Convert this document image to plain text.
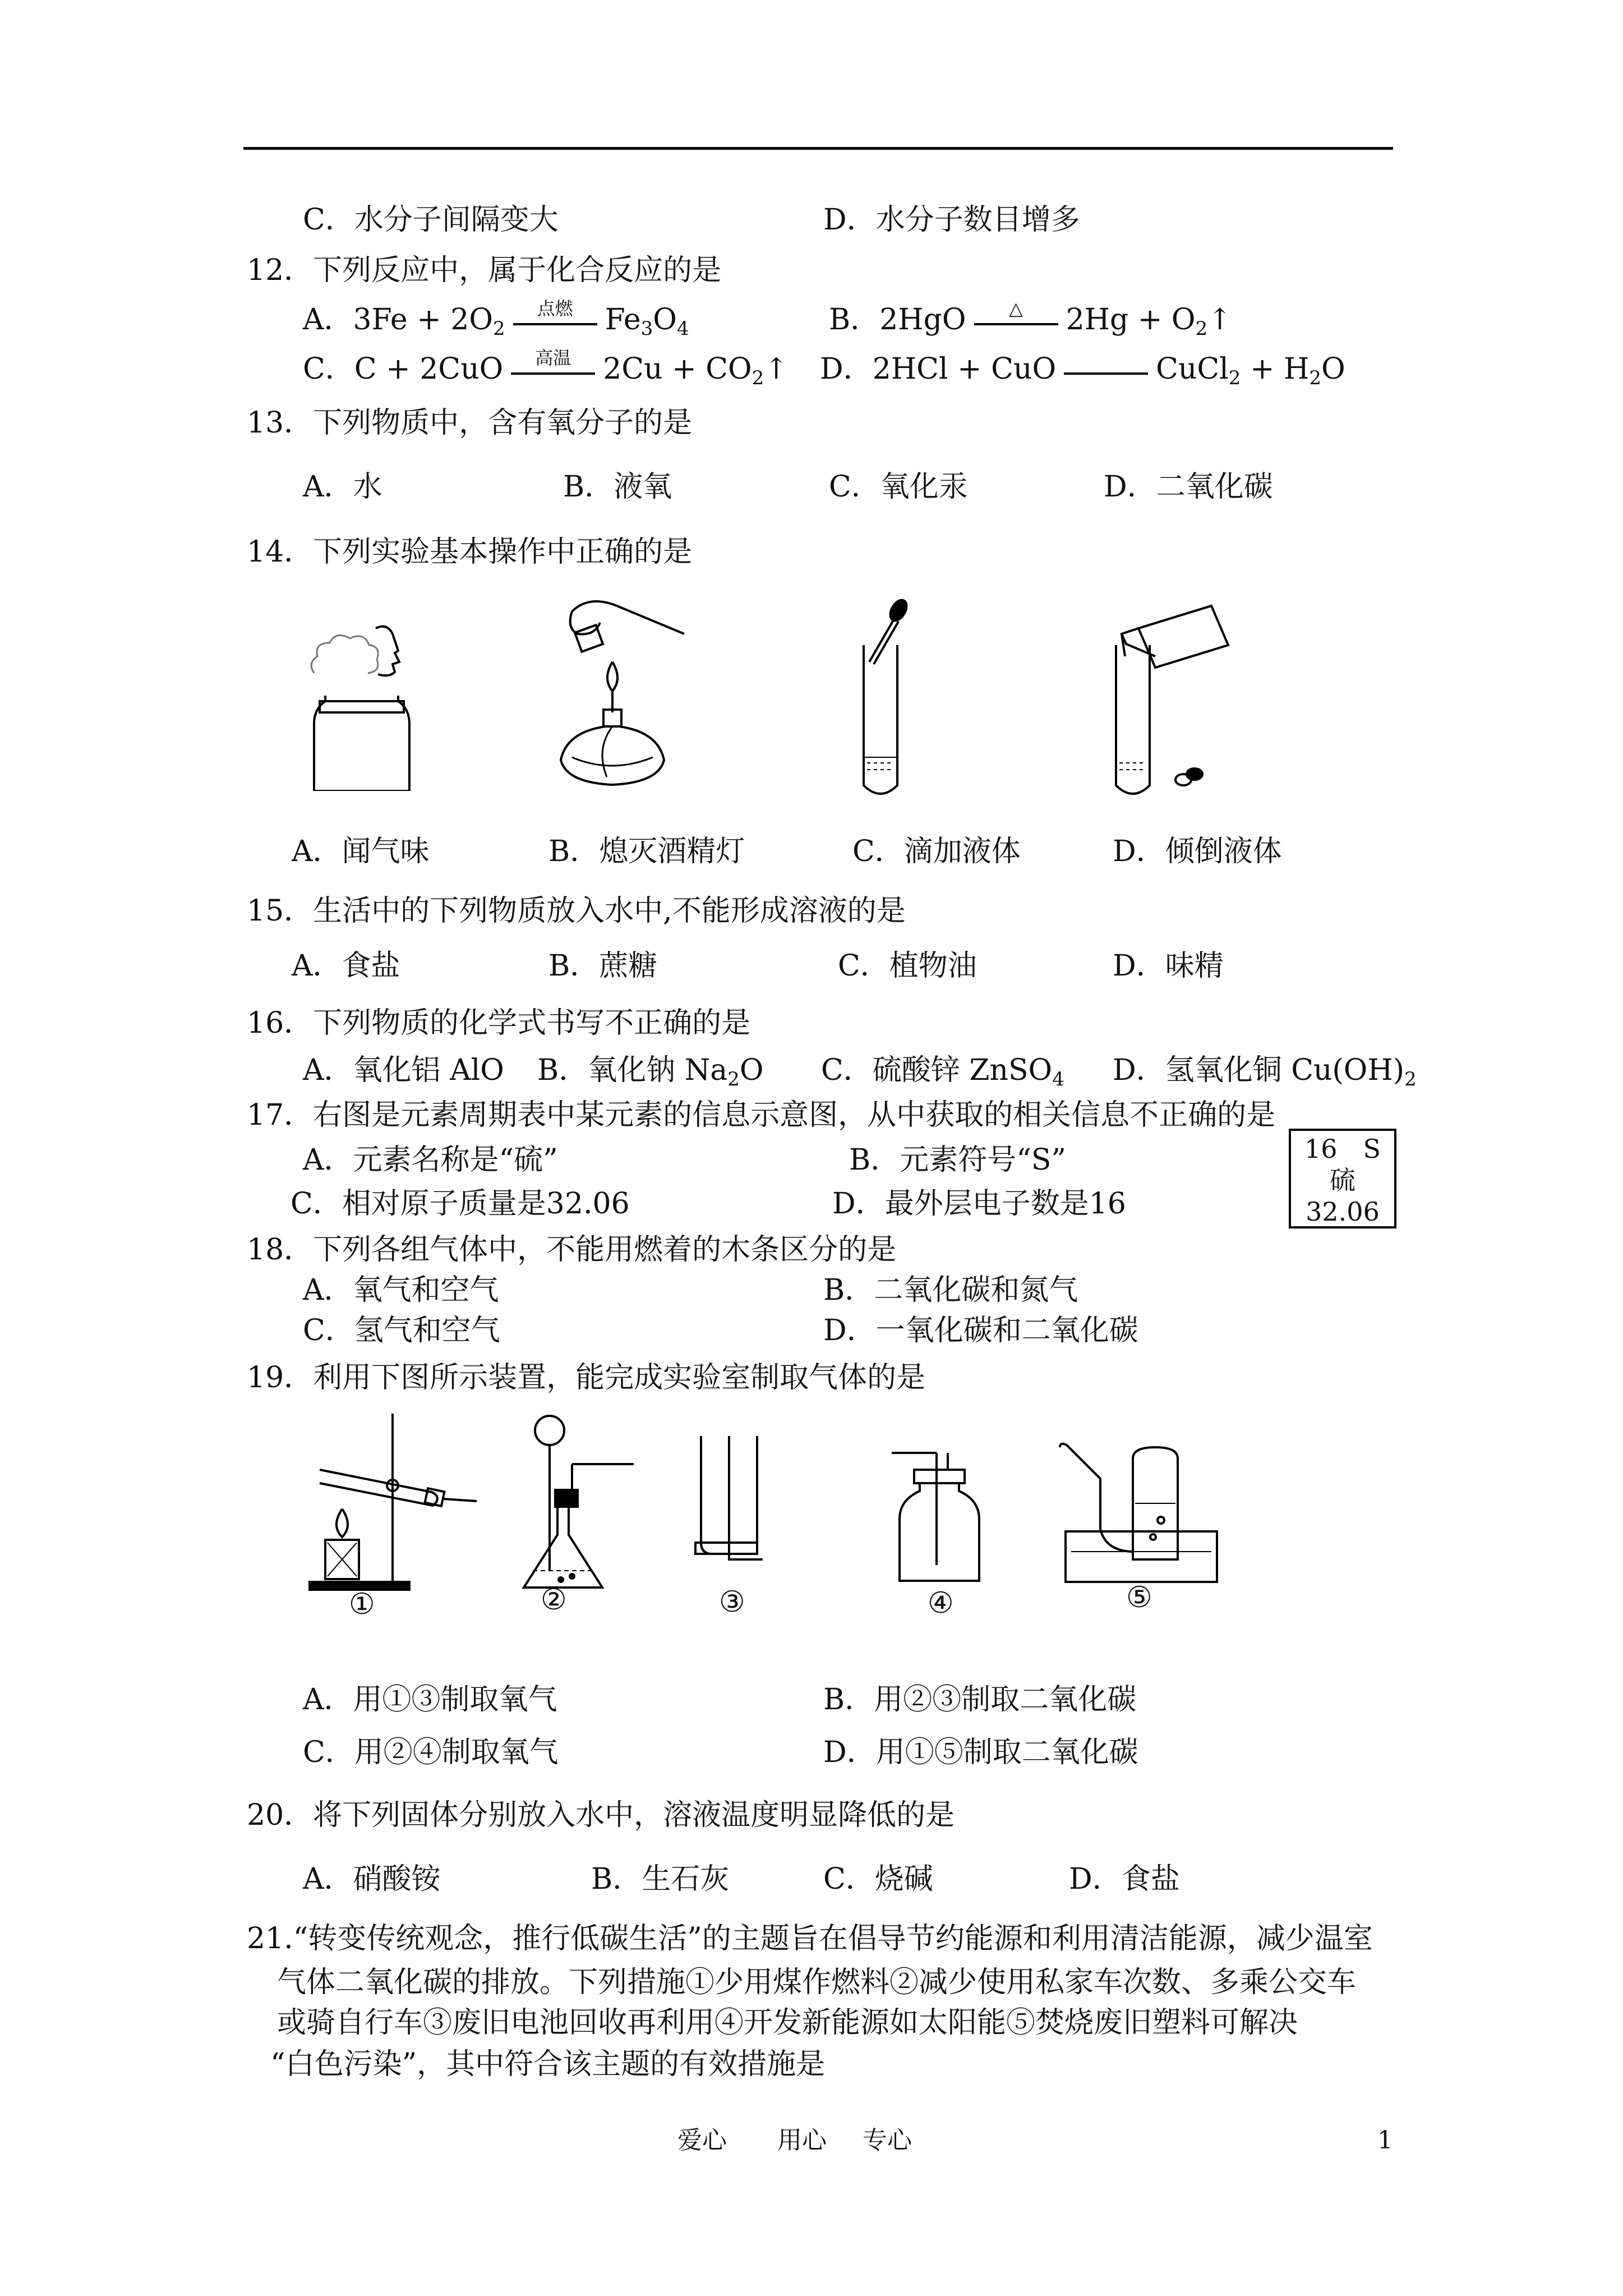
C．水分子间隔变大	D．水分子数目增多
12．下列反应中，属于化合反应的是
A．$3Fe + 2O_2$
点燃	$Fe_3O_4$	B．2HgO	△	$2Hg + O_2↑$
C．C + 2CuO	高温	$2Cu + CO_2↑$ D．2HCl + CuO	CuCl$_2$ + $H_2O$
13．下列物质中，含有氧分子的是
A．水	B．液氧	C．氧化汞	D．二氧化碳
14．下列实验基本操作中正确的是
A．闻气味	B．熄灭酒精灯	C．滴加液体	D．倾倒液体
15．生活中的下列物质放入水中,不能形成溶液的是
A．食盐	B．蔗糖	C．植物油	D．味精
16．下列物质的化学式书写不正确的是
A．氧化铝 AlO B．氧化钠 $Na_2O$ C．硫酸锌 ZnSO$_4$ D．氢氧化铜 $Cu(OH)_2$
17．右图是元素周期表中某元素的信息示意图，从中获取的相关信息不正确的是
A．元素名称是“硫”	B．元素符号“S”
C．相对原子质量是32.06	D．最外层电子数是16
16 S
硫
32.06
18．下列各组气体中，不能用燃着的木条区分的是
A．氧气和空气	B．二氧化碳和氮气
C．氢气和空气	D．一氧化碳和二氧化碳
19．利用下图所示装置，能完成实验室制取气体的是
①	②	③	④	⑤
A．用①③制取氧气	B．用②③制取二氧化碳
C．用②④制取氧气	D．用①⑤制取二氧化碳
20．将下列固体分别放入水中，溶液温度明显降低的是
A．硝酸铵	B．生石灰	C．烧碱	D．食盐
21.“转变传统观念，推行低碳生活”的主题旨在倡导节约能源和利用清洁能源，减少温室
气体二氧化碳的排放。下列措施①少用煤作燃料②减少使用私家车次数、多乘公交车
或骑自行车③废旧电池回收再利用④开发新能源如太阳能⑤焚烧废旧塑料可解决
“白色污染”，其中符合该主题的有效措施是
爱心 用心 专心	1
